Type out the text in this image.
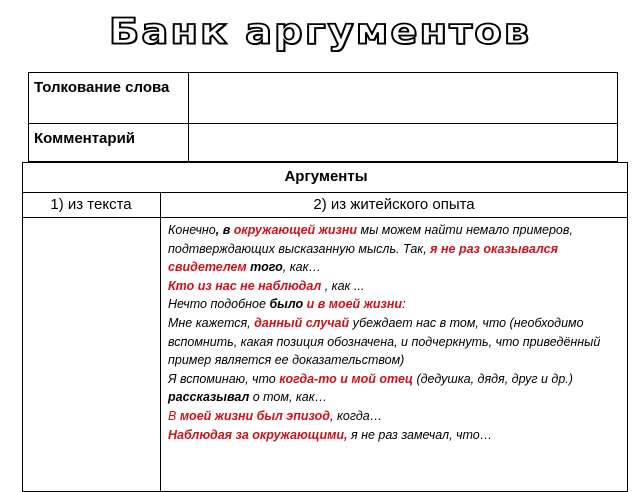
Банк аргументов
Толкование слова
Комментарий
Аргументы
1) из текста	2) из житейского опыта

Конечно, в окружающей жизни мы можем найти немало примеров, подтверждающих высказанную мысль. Так, я не раз оказывался свидетелем того, как…

Кто из нас не наблюдал , как ...

Нечто подобное было и в моей жизни:

Мне кажется, данный случай убеждает нас в том, что (необходимо вспомнить, какая позиция обозначена, и подчеркнуть, что приведённый пример является ее доказательством)

Я вспоминаю, что когда-то и мой отец (дедушка, дядя, друг и др.) рассказывал о том, как…

В моей жизни был эпизод, когда…

Наблюдая за окружающими, я не раз замечал, что…
